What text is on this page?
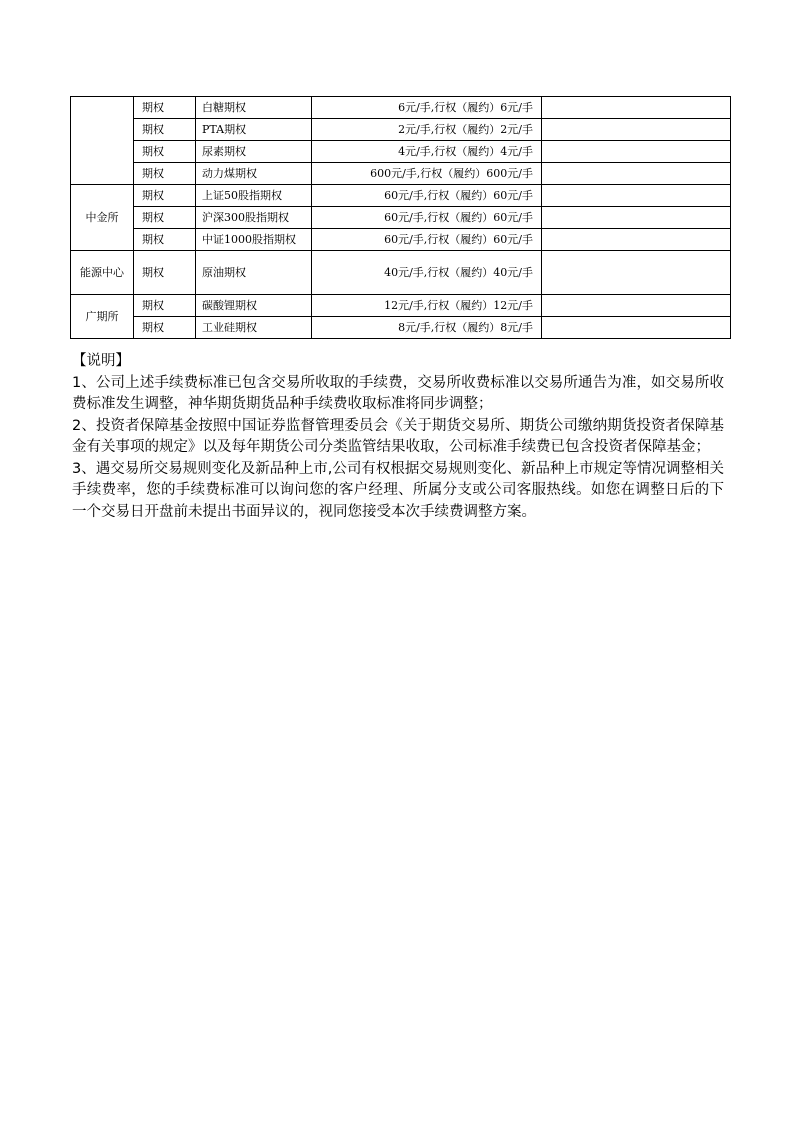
	期权	白糖期权	6元/手,行权（履约）6元/手	
	期权	PTA期权	2元/手,行权（履约）2元/手	
	期权	尿素期权	4元/手,行权（履约）4元/手	
	期权	动力煤期权	600元/手,行权（履约）600元/手	
中金所	期权	上证50股指期权	60元/手,行权（履约）60元/手	
	期权	沪深300股指期权	60元/手,行权（履约）60元/手	
	期权	中证1000股指期权	60元/手,行权（履约）60元/手	
能源中心	期权	原油期权	40元/手,行权（履约）40元/手	
广期所	期权	碳酸锂期权	12元/手,行权（履约）12元/手	
	期权	工业硅期权	8元/手,行权（履约）8元/手	

【说明】

1、公司上述手续费标准已包含交易所收取的手续费，交易所收费标准以交易所通告为准，如交易所收费标准发生调整，神华期货期货品种手续费收取标准将同步调整；

2、投资者保障基金按照中国证券监督管理委员会《关于期货交易所、期货公司缴纳期货投资者保障基金有关事项的规定》以及每年期货公司分类监管结果收取，公司标准手续费已包含投资者保障基金；

3、遇交易所交易规则变化及新品种上市,公司有权根据交易规则变化、新品种上市规定等情况调整相关手续费率，您的手续费标准可以询问您的客户经理、所属分支或公司客服热线。如您在调整日后的下一个交易日开盘前未提出书面异议的，视同您接受本次手续费调整方案。
